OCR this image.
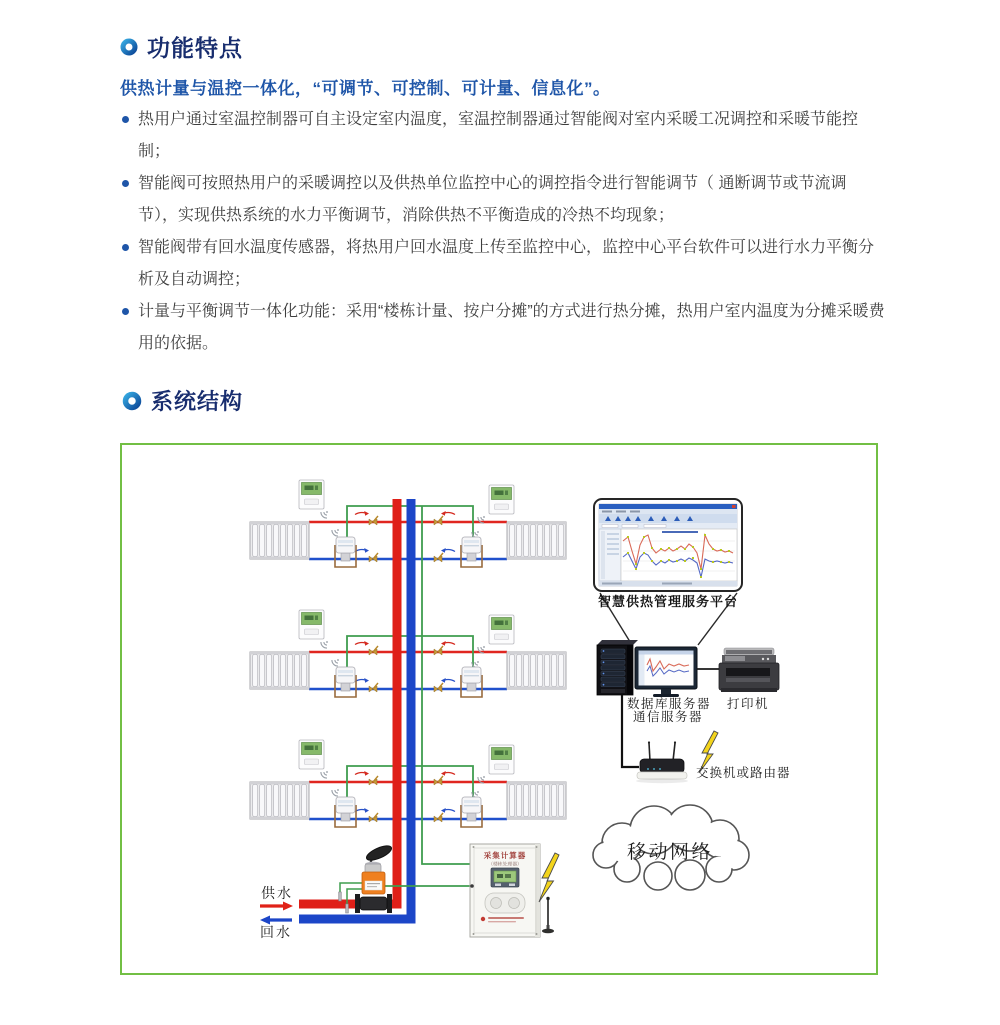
功能特点
供热计量与温控一体化，“可调节、可控制、可计量、信息化”。
热用户通过室温控制器可自主设定室内温度，室温控制器通过智能阀对室内采暖工况调控和采暖节能控制；
智能阀可按照热用户的采暖调控以及供热单位监控中心的调控指令进行智能调节（ 通断调节或节流调节），实现供热系统的水力平衡调节，消除供热不平衡造成的冷热不均现象；
智能阀带有回水温度传感器，将热用户回水温度上传至监控中心，监控中心平台软件可以进行水力平衡分析及自动调控；
计量与平衡调节一体化功能：采用“楼栋计量、按户分摊”的方式进行热分摊，热用户室内温度为分摊采暖费用的依据。
系统结构
采集计算器
（楼栋处理器）
供水
回水
智慧供热管理服务平台
数据库服务器
通信服务器
打印机
交换机或路由器
移动网络
